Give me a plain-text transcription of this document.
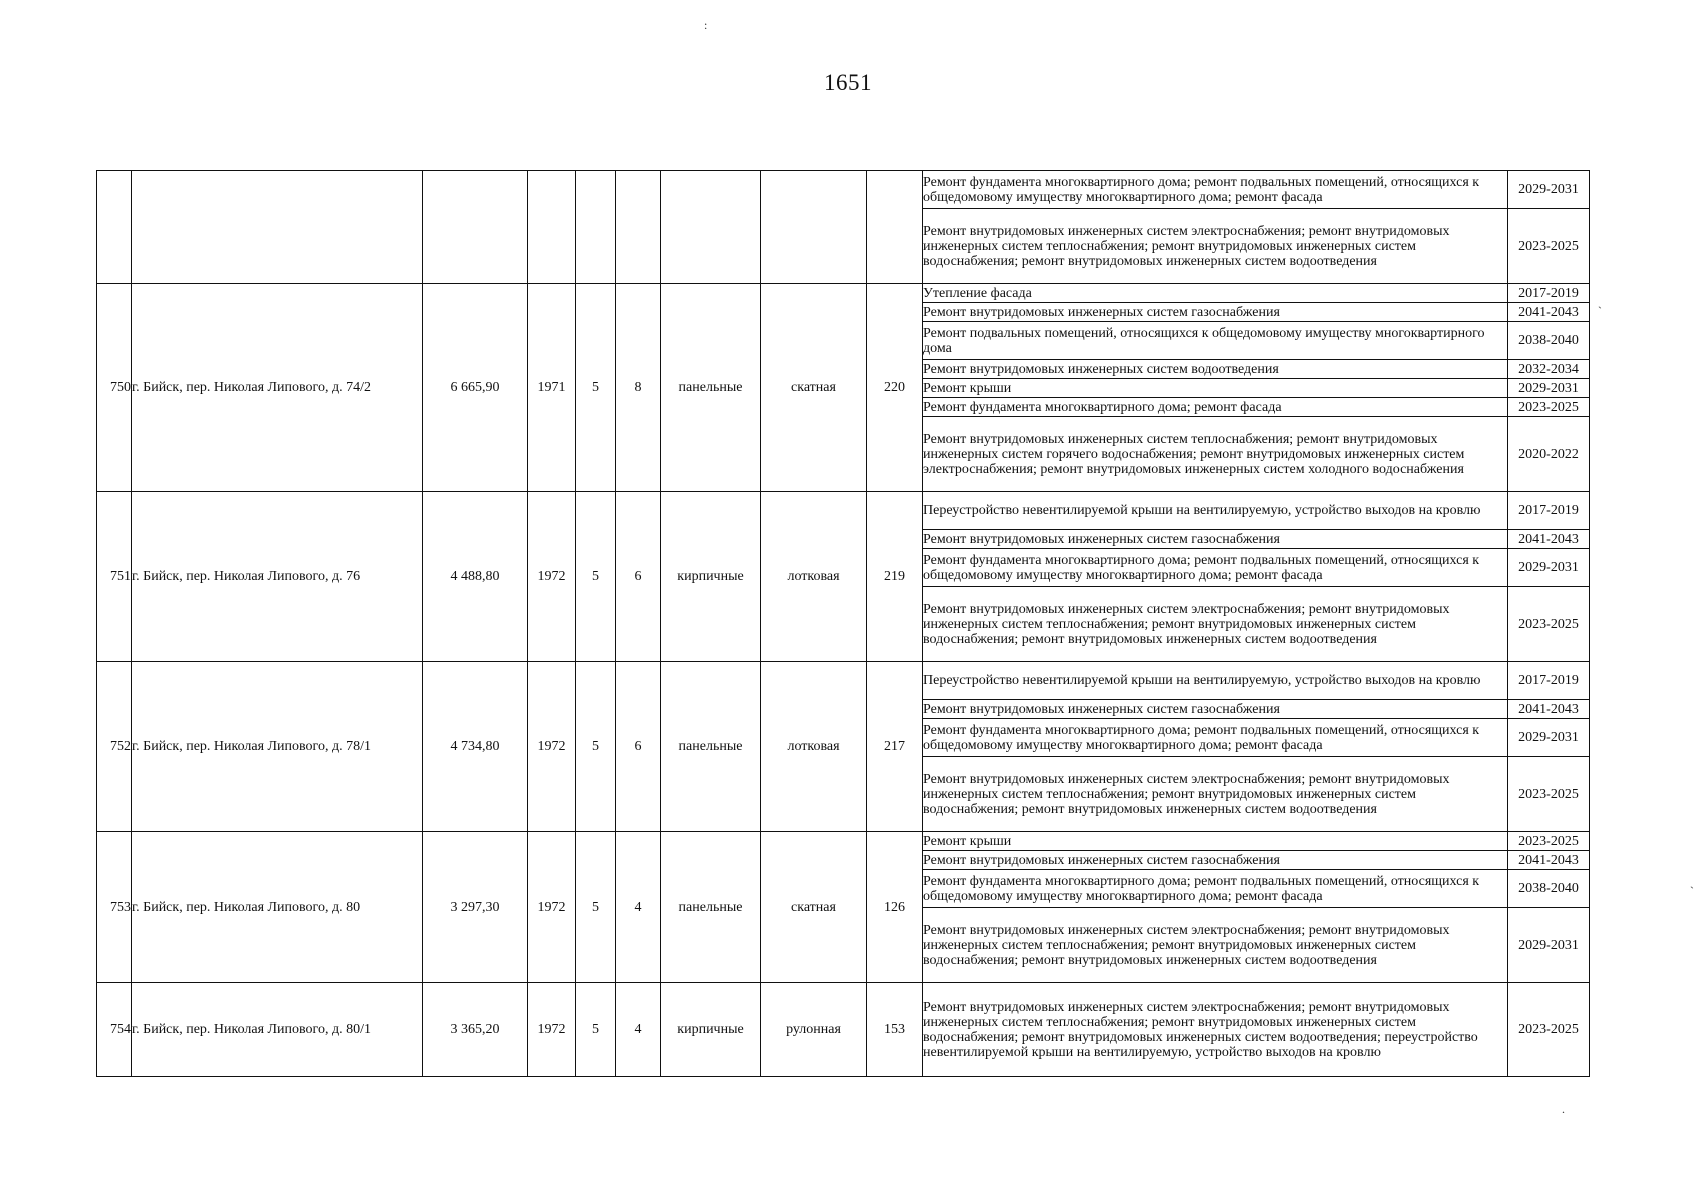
1651
:
`
`
.
									Ремонт фундамента многоквартирного дома; ремонт подвальных помещений, относящихся к общедомовому имуществу многоквартирного дома; ремонт фасада	2029-2031
									Ремонт внутридомовых инженерных систем электроснабжения; ремонт внутридомовых инженерных систем теплоснабжения; ремонт внутридомовых инженерных систем водоснабжения; ремонт внутридомовых инженерных систем водоотведения	2023-2025
750	г. Бийск, пер. Николая Липового, д. 74/2	6 665,90	1971	5	8	панельные	скатная	220	Утепление фасада	2017-2019
									Ремонт внутридомовых инженерных систем газоснабжения	2041-2043
									Ремонт подвальных помещений, относящихся к общедомовому имуществу многоквартирного дома	2038-2040
									Ремонт внутридомовых инженерных систем водоотведения	2032-2034
									Ремонт крыши	2029-2031
									Ремонт фундамента многоквартирного дома; ремонт фасада	2023-2025
									Ремонт внутридомовых инженерных систем теплоснабжения; ремонт внутридомовых инженерных систем горячего водоснабжения; ремонт внутридомовых инженерных систем электроснабжения; ремонт внутридомовых инженерных систем холодного водоснабжения	2020-2022
751	г. Бийск, пер. Николая Липового, д. 76	4 488,80	1972	5	6	кирпичные	лотковая	219	Переустройство невентилируемой крыши на вентилируемую, устройство выходов на кровлю	2017-2019
									Ремонт внутридомовых инженерных систем газоснабжения	2041-2043
									Ремонт фундамента многоквартирного дома; ремонт подвальных помещений, относящихся к общедомовому имуществу многоквартирного дома; ремонт фасада	2029-2031
									Ремонт внутридомовых инженерных систем электроснабжения; ремонт внутридомовых инженерных систем теплоснабжения; ремонт внутридомовых инженерных систем водоснабжения; ремонт внутридомовых инженерных систем водоотведения	2023-2025
752	г. Бийск, пер. Николая Липового, д. 78/1	4 734,80	1972	5	6	панельные	лотковая	217	Переустройство невентилируемой крыши на вентилируемую, устройство выходов на кровлю	2017-2019
									Ремонт внутридомовых инженерных систем газоснабжения	2041-2043
									Ремонт фундамента многоквартирного дома; ремонт подвальных помещений, относящихся к общедомовому имуществу многоквартирного дома; ремонт фасада	2029-2031
									Ремонт внутридомовых инженерных систем электроснабжения; ремонт внутридомовых инженерных систем теплоснабжения; ремонт внутридомовых инженерных систем водоснабжения; ремонт внутридомовых инженерных систем водоотведения	2023-2025
753	г. Бийск, пер. Николая Липового, д. 80	3 297,30	1972	5	4	панельные	скатная	126	Ремонт крыши	2023-2025
									Ремонт внутридомовых инженерных систем газоснабжения	2041-2043
									Ремонт фундамента многоквартирного дома; ремонт подвальных помещений, относящихся к общедомовому имуществу многоквартирного дома; ремонт фасада	2038-2040
									Ремонт внутридомовых инженерных систем электроснабжения; ремонт внутридомовых инженерных систем теплоснабжения; ремонт внутридомовых инженерных систем водоснабжения; ремонт внутридомовых инженерных систем водоотведения	2029-2031
754	г. Бийск, пер. Николая Липового, д. 80/1	3 365,20	1972	5	4	кирпичные	рулонная	153	Ремонт внутридомовых инженерных систем электроснабжения; ремонт внутридомовых инженерных систем теплоснабжения; ремонт внутридомовых инженерных систем водоснабжения; ремонт внутридомовых инженерных систем водоотведения; переустройство невентилируемой крыши на вентилируемую, устройство выходов на кровлю	2023-2025
